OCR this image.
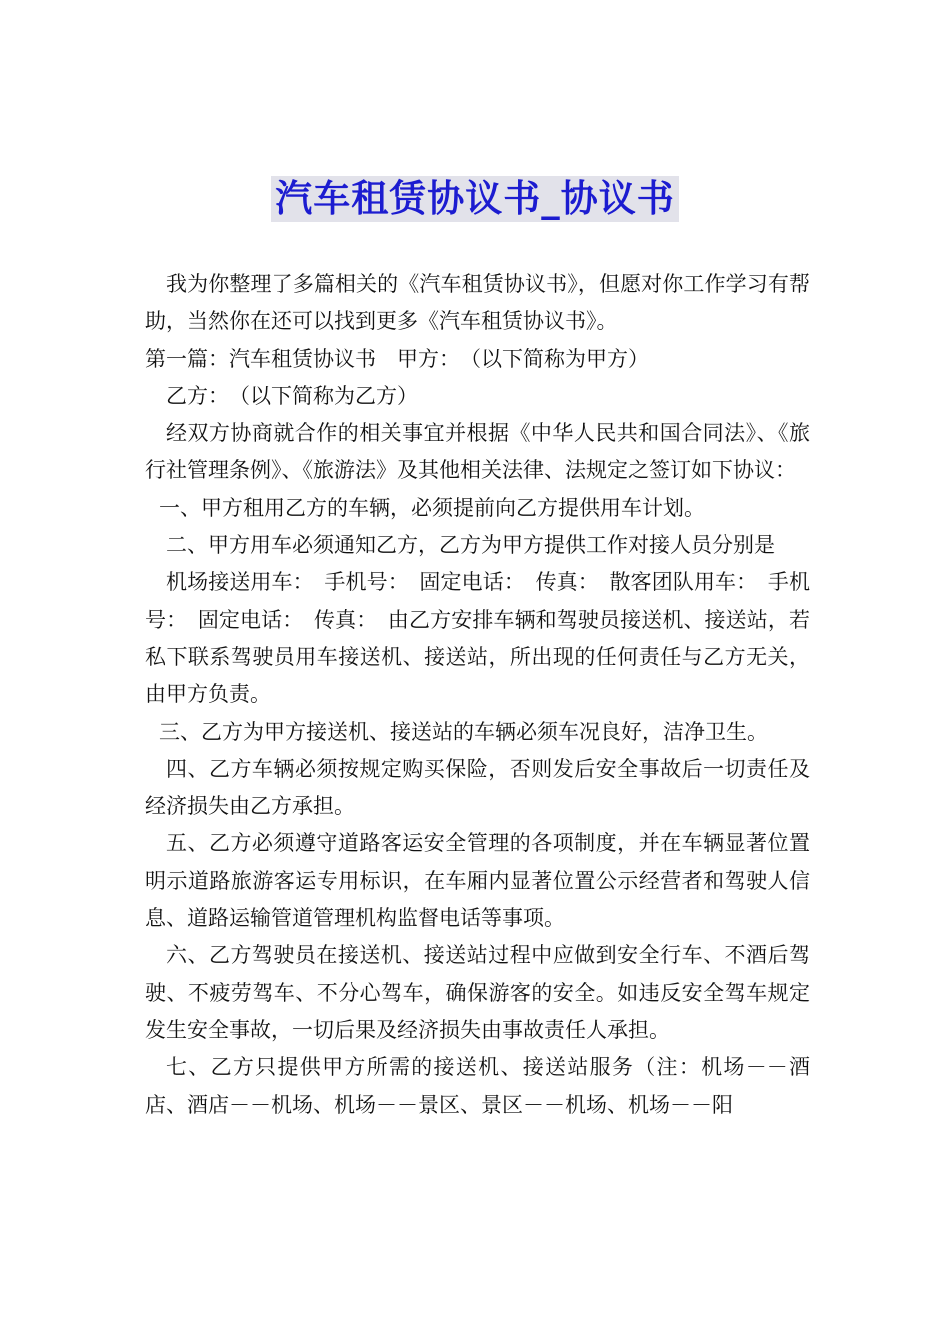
汽车租赁协议书_协议书

我为你整理了多篇相关的《汽车租赁协议书》，但愿对你工作学习有帮助，当然你在还可以找到更多《汽车租赁协议书》。

第一篇：汽车租赁协议书　甲方：　（以下简称为甲方）

乙方：　（以下简称为乙方）

经双方协商就合作的相关事宜并根据《中华人民共和国合同法》、《旅行社管理条例》、《旅游法》及其他相关法律、法规定之签订如下协议：

一、甲方租用乙方的车辆，必须提前向乙方提供用车计划。

二、甲方用车必须通知乙方，乙方为甲方提供工作对接人员分别是

机场接送用车：　手机号：　固定电话：　传真：　散客团队用车：　手机号：　固定电话：　传真：　由乙方安排车辆和驾驶员接送机、接送站，若私下联系驾驶员用车接送机、接送站，所出现的任何责任与乙方无关，由甲方负责。

三、乙方为甲方接送机、接送站的车辆必须车况良好，洁净卫生。

四、乙方车辆必须按规定购买保险，否则发后安全事故后一切责任及经济损失由乙方承担。

五、乙方必须遵守道路客运安全管理的各项制度，并在车辆显著位置明示道路旅游客运专用标识，在车厢内显著位置公示经营者和驾驶人信息、道路运输管道管理机构监督电话等事项。

六、乙方驾驶员在接送机、接送站过程中应做到安全行车、不酒后驾驶、不疲劳驾车、不分心驾车，确保游客的安全。如违反安全驾车规定发生安全事故，一切后果及经济损失由事故责任人承担。

七、乙方只提供甲方所需的接送机、接送站服务（注：机场－－酒店、酒店－－机场、机场－－景区、景区－－机场、机场－－阳
